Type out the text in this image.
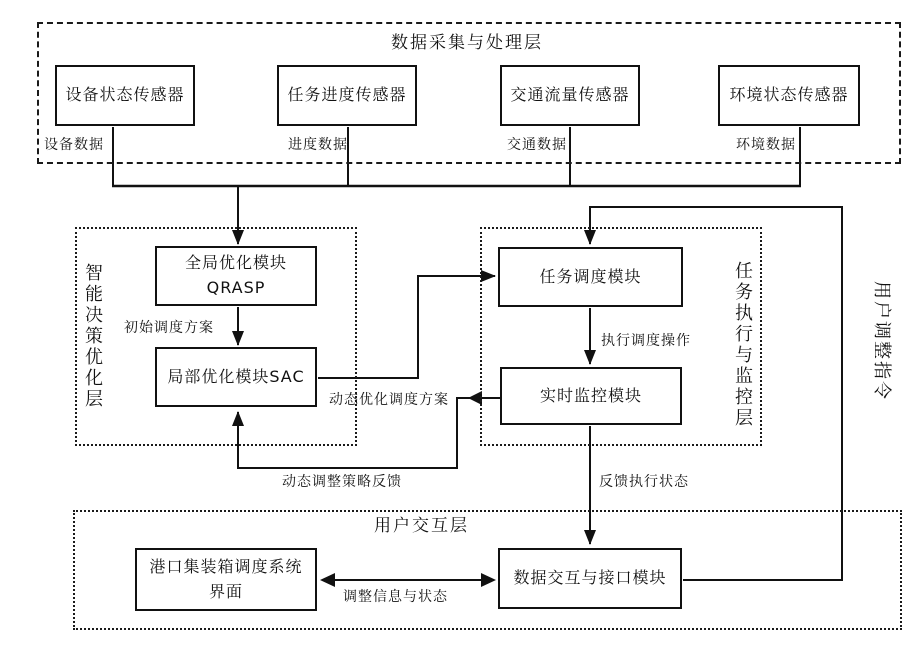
数据采集与处理层
智能决策优化层	任务执行与监控层
用户交互层
用户调整指令
设备状态传感器	任务进度传感器	交通流量传感器	环境状态传感器
设备数据	进度数据	交通数据	环境数据
全局优化模块
QRASP
局部优化模块SAC
任务调度模块
实时监控模块
港口集装箱调度系统
界面
数据交互与接口模块
初始调度方案
动态优化调度方案
执行调度操作
动态调整策略反馈	反馈执行状态
调整信息与状态
